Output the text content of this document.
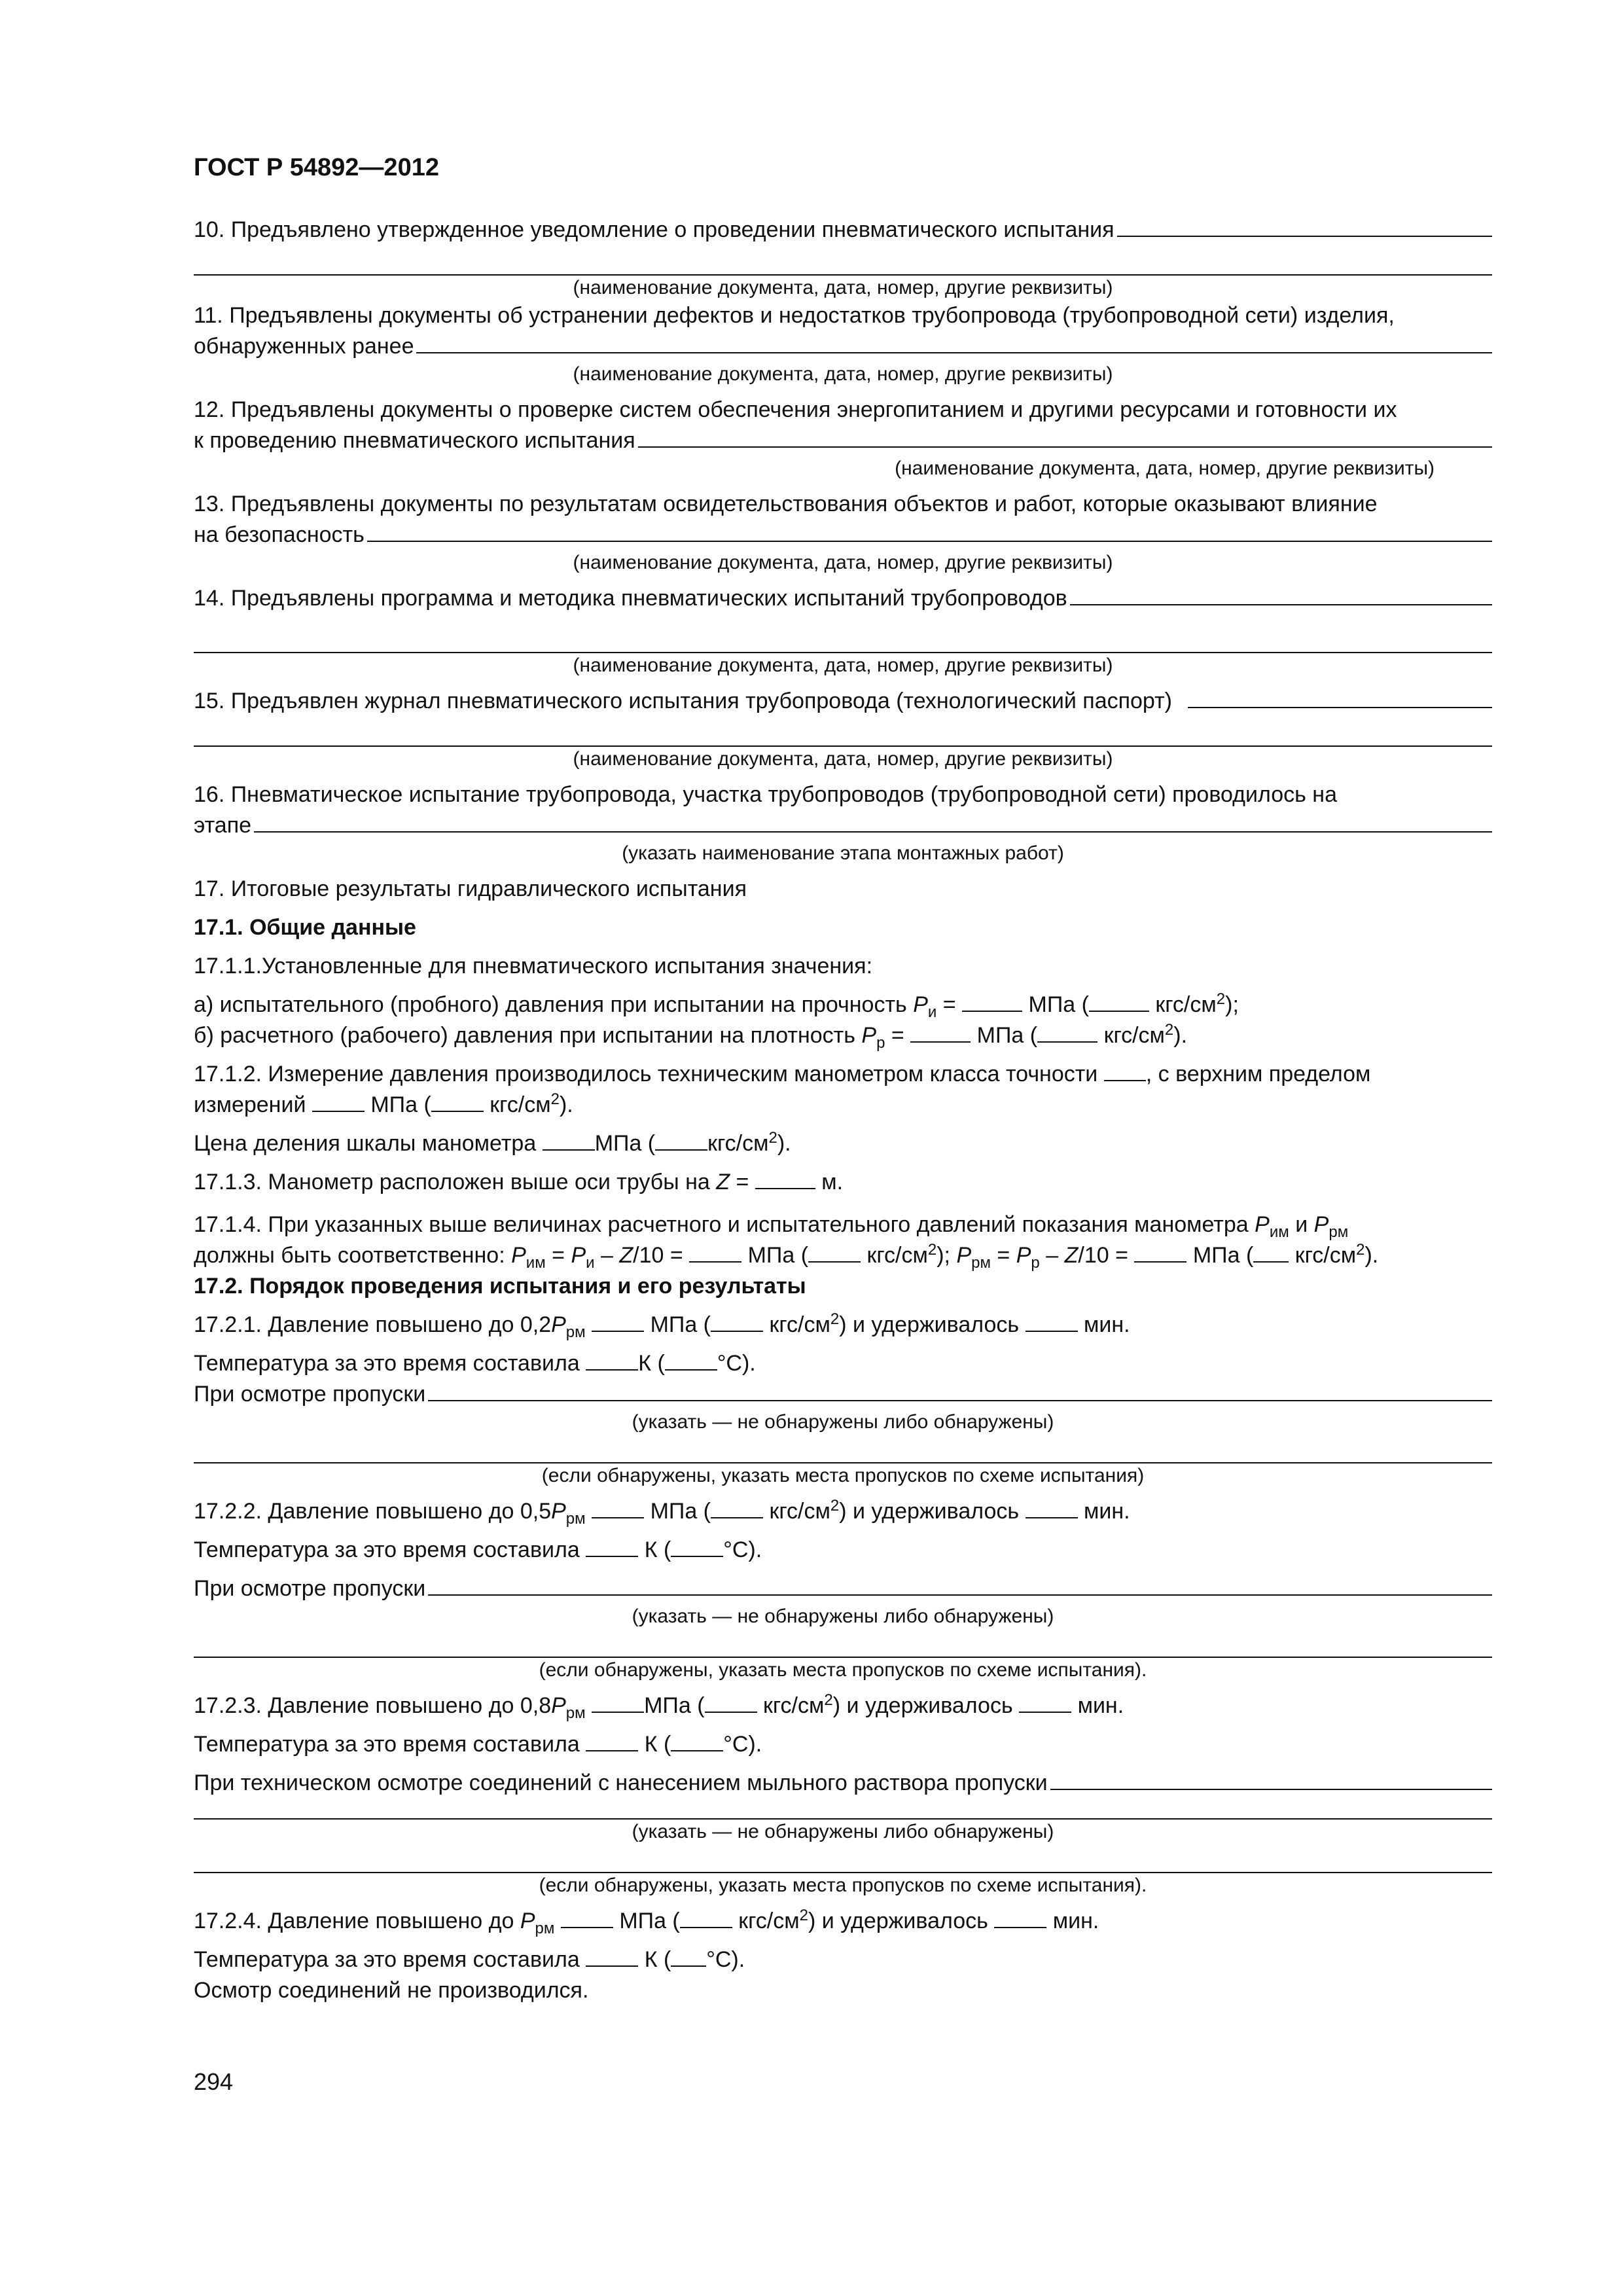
ГОСТ Р 54892—2012
10. Предъявлено утвержденное уведомление о проведении пневматического испытания

(наименование документа, дата, номер, другие реквизиты)

11. Предъявлены документы об устранении дефектов и недостатков трубопровода (трубопроводной сети) изделия,

обнаруженных ранее

(наименование документа, дата, номер, другие реквизиты)

12. Предъявлены документы о проверке систем обеспечения энергопитанием и другими ресурсами и готовности их

к проведению пневматического испытания

(наименование документа, дата, номер, другие реквизиты)

13. Предъявлены документы по результатам освидетельствования объектов и работ, которые оказывают влияние

на безопасность

(наименование документа, дата, номер, другие реквизиты)

14. Предъявлены программа и методика пневматических испытаний трубопроводов

(наименование документа, дата, номер, другие реквизиты)

15. Предъявлен журнал пневматического испытания трубопровода (технологический паспорт)

(наименование документа, дата, номер, другие реквизиты)

16. Пневматическое испытание трубопровода, участка трубопроводов (трубопроводной сети) проводилось на

этапе

(указать наименование этапа монтажных работ)

17. Итоговые результаты гидравлического испытания

17.1. Общие данные

17.1.1.Установленные для пневматического испытания значения:

а) испытательного (пробного) давления при испытании на прочность $P_и$ =	МПа (	кгс/$см^2$);

б) расчетного (рабочего) давления при испытании на плотность $P_р$ =	МПа (	кгс/$см^2$).

17.1.2. Измерение давления производилось техническим манометром класса точности , с верхним пределом

измерений	МПа (	кгс/$см^2$).

Цена деления шкалы манометра	МПа ( кгс/$см^2$).

17.1.3. Манометр расположен выше оси трубы на Z =	м.

17.1.4. При указанных выше величинах расчетного и испытательного давлений показания манометра $P_{им}$ и $P_{рм}$

должны быть соответственно: $P_{им} = P_и - Z/10$ =	МПа (	кгс/$см^2$); $P_{рм} = P_р - Z/10$ =	МПа ( кгс/$см^2$).

17.2. Порядок проведения испытания и его результаты

17.2.1. Давление повышено до $0,2P_{рм}$	МПа (	кгс/$см^2$) и удерживалось	мин.

Температура за это время составила	К ( °С).

При осмотре пропуски

(указать — не обнаружены либо обнаружены)

(если обнаружены, указать места пропусков по схеме испытания)

17.2.2. Давление повышено до $0,5P_{рм}$	МПа (	кгс/$см^2$) и удерживалось	мин.

Температура за это время составила	К ( °С).

При осмотре пропуски

(указать — не обнаружены либо обнаружены)

(если обнаружены, указать места пропусков по схеме испытания).

17.2.3. Давление повышено до $0,8P_{рм}$	МПа (	кгс/$см^2$) и удерживалось	мин.

Температура за это время составила	К ( °С).

При техническом осмотре соединений с нанесением мыльного раствора пропуски

(указать — не обнаружены либо обнаружены)

(если обнаружены, указать места пропусков по схеме испытания).

17.2.4. Давление повышено до $P_{рм}$	МПа (	кгс/$см^2$) и удерживалось	мин.

Температура за это время составила	К ( °С).

Осмотр соединений не производился.

294
